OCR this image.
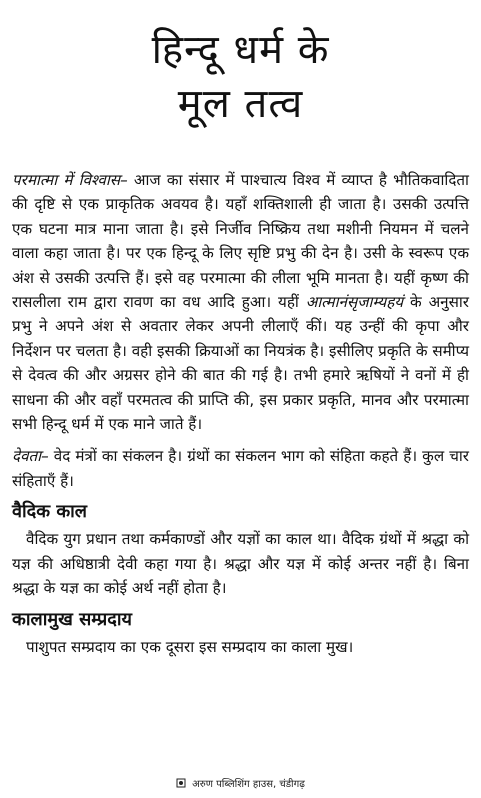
हिन्दू धर्म के
मूल तत्व

परमात्मा में विश्वास– आज का संसार में पाश्चात्य विश्व में व्याप्त है भौतिकवादिता की दृष्टि से एक प्राकृतिक अवयव है। यहाँ शक्तिशाली ही जाता है। उसकी उत्पत्ति एक घटना मात्र माना जाता है। इसे निर्जीव निष्क्रिय तथा मशीनी नियमन में चलने वाला कहा जाता है। पर एक हिन्दू के लिए सृष्टि प्रभु की देन है। उसी के स्वरूप एक अंश से उसकी उत्पत्ति हैं। इसे वह परमात्मा की लीला भूमि मानता है। यहीं कृष्ण की रासलीला राम द्वारा रावण का वध आदि हुआ। यहीं आत्मानंसृजाम्यहयं के अनुसार प्रभु ने अपने अंश से अवतार लेकर अपनी लीलाएँ कीं। यह उन्हीं की कृपा और निर्देशन पर चलता है। वही इसकी क्रियाओं का नियत्रंक है। इसीलिए प्रकृति के समीप्य से देवत्व की और अग्रसर होने की बात की गई है। तभी हमारे ऋषियों ने वनों में ही साधना की और वहाँ परमतत्व की प्राप्ति की, इस प्रकार प्रकृति, मानव और परमात्मा सभी हिन्दू धर्म में एक माने जाते हैं।

देवता– वेद मंत्रों का संकलन है। ग्रंथों का संकलन भाग को संहिता कहते हैं। कुल चार संहिताएँ हैं।

वैदिक काल

वैदिक युग प्रधान तथा कर्मकाण्डों और यज्ञों का काल था। वैदिक ग्रंथों में श्रद्धा को यज्ञ की अधिष्ठात्री देवी कहा गया है। श्रद्धा और यज्ञ में कोई अन्तर नहीं है। बिना श्रद्धा के यज्ञ का कोई अर्थ नहीं होता है।

कालामुख सम्प्रदाय

पाशुपत सम्प्रदाय का एक दूसरा इस सम्प्रदाय का काला मुख।

अरुण पब्लिशिंग हाउस, चंडीगढ़
